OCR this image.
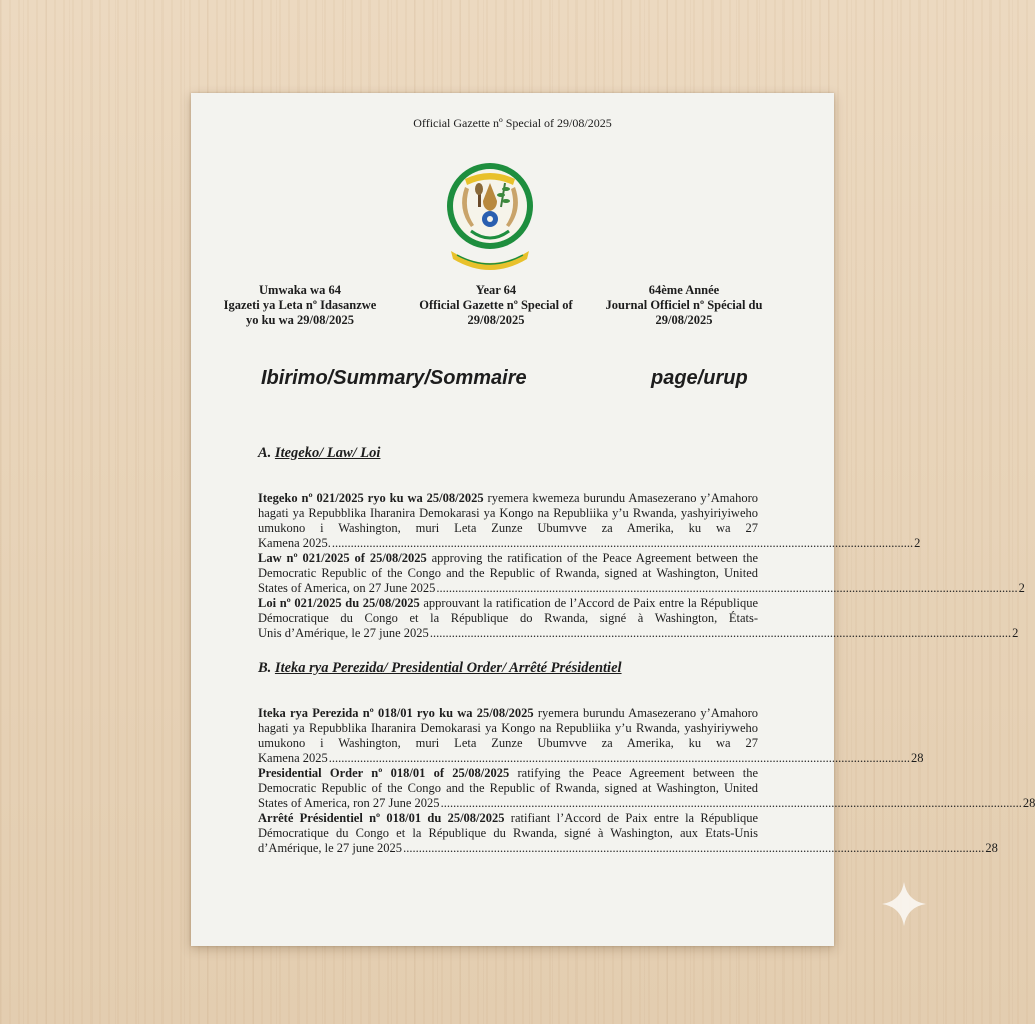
Official Gazette nº Special of 29/08/2025
Umwaka wa 64
Igazeti ya Leta nº Idasanzwe
yo ku wa 29/08/2025
Year 64
Official Gazette nº Special of
29/08/2025
64ème Année
Journal Officiel nº Spécial du
29/08/2025
Ibirimo/Summary/Sommaire	page/urup
A. Itegeko/ Law/ Loi
Itegeko nº 021/2025 ryo ku wa 25/08/2025 ryemera kwemeza burundu Amasezerano y’Amahoro hagati ya Repubblika Iharanira Demokarasi ya Kongo na Republiika y’u Rwanda, yashyiriyiweho umukono i Washington, muri Leta Zunze Ubumvve za Amerika, ku wa 27
Kamena 2025. .......................................................................................................................................................................................... 2
Law nº 021/2025 of 25/08/2025 approving the ratification of the Peace Agreement between the Democratic Republic of the Congo and the Republic of Rwanda, signed at Washington, United
States of America, on 27 June 2025 .......................................................................................................................................................................................... 2
Loi nº 021/2025 du 25/08/2025 approuvant la ratification de l’Accord de Paix entre la République Démocratique du Congo et la République do Rwanda, signé à Washington, États-
Unis d’Amérique, le 27 june 2025 .......................................................................................................................................................................................... 2
B. Iteka rya Perezida/ Presidential Order/ Arrêté Présidentiel
Iteka rya Perezida nº 018/01 ryo ku wa 25/08/2025 ryemera burundu Amasezerano y’Amahoro hagati ya Repubblika Iharanira Demokarasi ya Kongo na Republiika y’u Rwanda, yashyiriyweho umukono i Washington, muri Leta Zunze Ubumvve za Amerika, ku wa 27
Kamena 2025 .......................................................................................................................................................................................... 28
Presidential Order nº 018/01 of 25/08/2025 ratifying the Peace Agreement between the Democratic Republic of the Congo and the Republic of Rwanda, signed at Washington, United
States of America, ron 27 June 2025 .......................................................................................................................................................................................... 28
Arrêté Présidentiel nº 018/01 du 25/08/2025 ratifiant l’Accord de Paix entre la République Démocratique du Congo et la République du Rwanda, signé à Washington, aux Etats-Unis
d’Amérique, le 27 june 2025 .......................................................................................................................................................................................... 28
